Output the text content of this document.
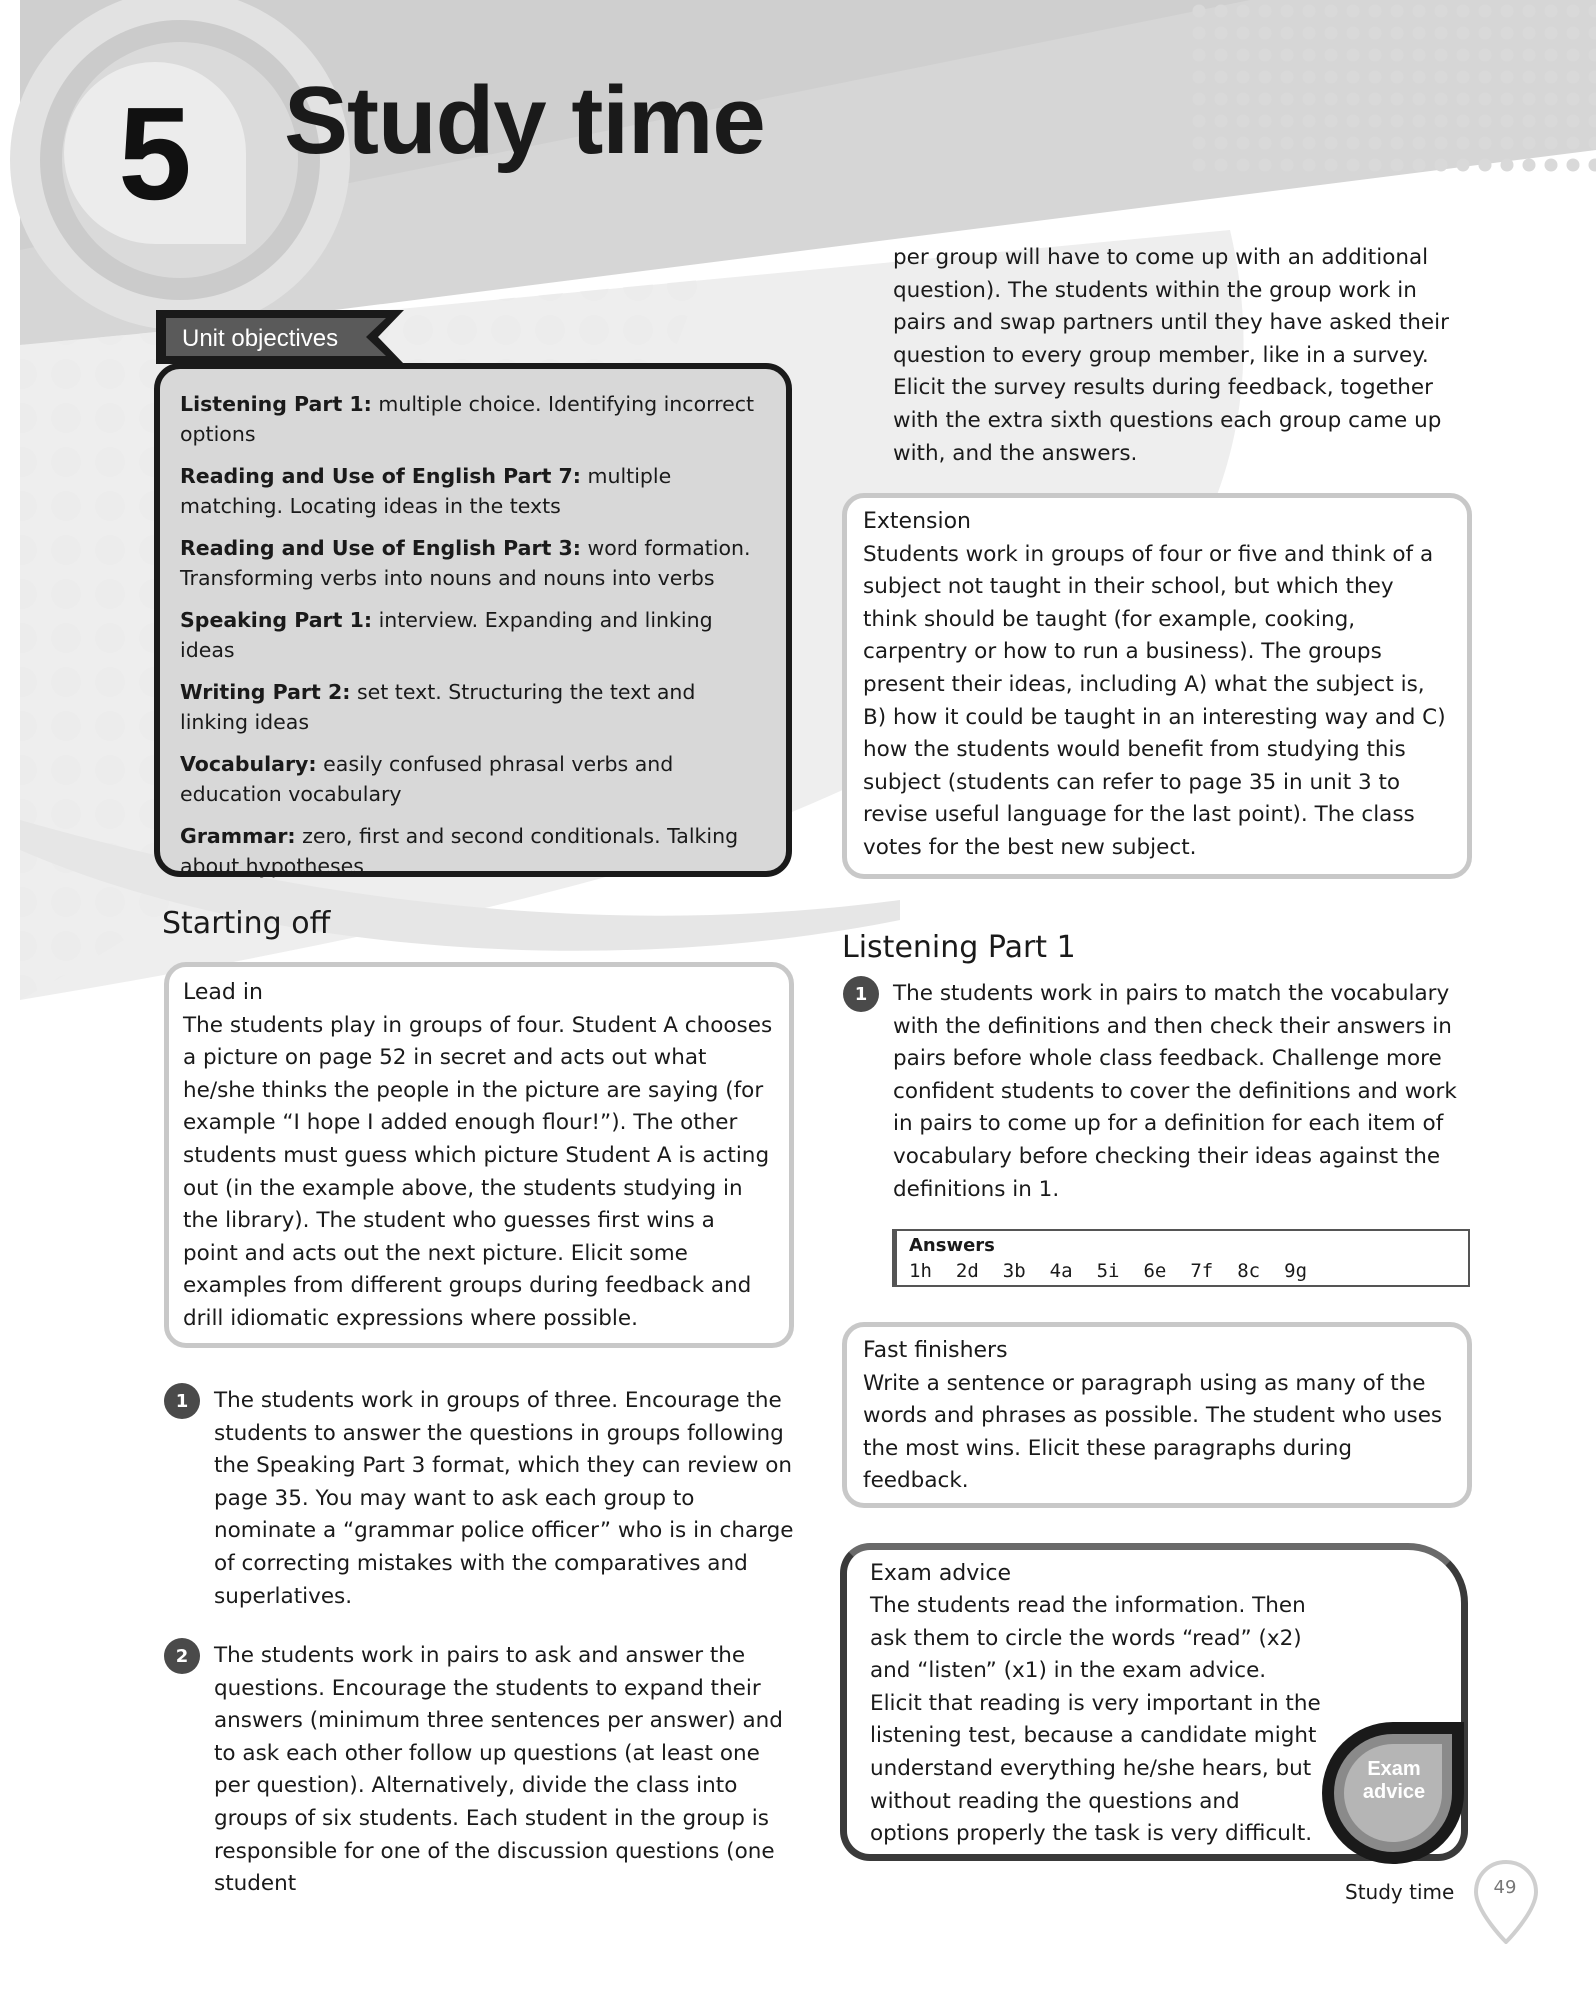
5 Study time
Listening Part 1: multiple choice. Identifying incorrect options
Reading and Use of English Part 7: multiple matching. Locating ideas in the texts
Reading and Use of English Part 3: word formation. Transforming verbs into nouns and nouns into verbs
Speaking Part 1: interview. Expanding and linking ideas
Writing Part 2: set text. Structuring the text and linking ideas
Vocabulary: easily confused phrasal verbs and education vocabulary
Grammar: zero, first and second conditionals. Talking about hypotheses
Unit objectives
Starting off
Lead in
The students play in groups of four. Student A chooses a picture on page 52 in secret and acts out what he/she thinks the people in the picture are saying (for example “I hope I added enough flour!”). The other students must guess which picture Student A is acting out (in the example above, the students studying in the library). The student who guesses first wins a point and acts out the next picture. Elicit some examples from different groups during feedback and drill idiomatic expressions where possible.
1	The students work in groups of three. Encourage the students to answer the questions in groups following the Speaking Part 3 format, which they can review on page 35. You may want to ask each group to nominate a “grammar police officer” who is in charge of correcting mistakes with the comparatives and superlatives.
2	The students work in pairs to ask and answer the questions. Encourage the students to expand their answers (minimum three sentences per answer) and to ask each other follow up questions (at least one per question). Alternatively, divide the class into groups of six students. Each student in the group is responsible for one of the discussion questions (one student
per group will have to come up with an additional question). The students within the group work in pairs and swap partners until they have asked their question to every group member, like in a survey. Elicit the survey results during feedback, together with the extra sixth questions each group came up with, and the answers.
Extension
Students work in groups of four or five and think of a subject not taught in their school, but which they think should be taught (for example, cooking, carpentry or how to run a business). The groups present their ideas, including A) what the subject is, B) how it could be taught in an interesting way and C) how the students would benefit from studying this subject (students can refer to page 35 in unit 3 to revise useful language for the last point). The class votes for the best new subject.
Listening Part 1
1	The students work in pairs to match the vocabulary with the definitions and then check their answers in pairs before whole class feedback. Challenge more confident students to cover the definitions and work in pairs to come up for a definition for each item of vocabulary before checking their ideas against the definitions in 1.
Answers
1h 2d 3b 4a 5i 6e 7f 8c 9g
Fast finishers
Write a sentence or paragraph using as many of the words and phrases as possible. The student who uses the most wins. Elicit these paragraphs during feedback.
Exam advice
The students read the information. Then ask them to circle the words “read” (x2) and “listen” (x1) in the exam advice. Elicit that reading is very important in the listening test, because a candidate might understand everything he/she hears, but without reading the questions and options properly the task is very difficult.
Exam
advice
Study time	49
